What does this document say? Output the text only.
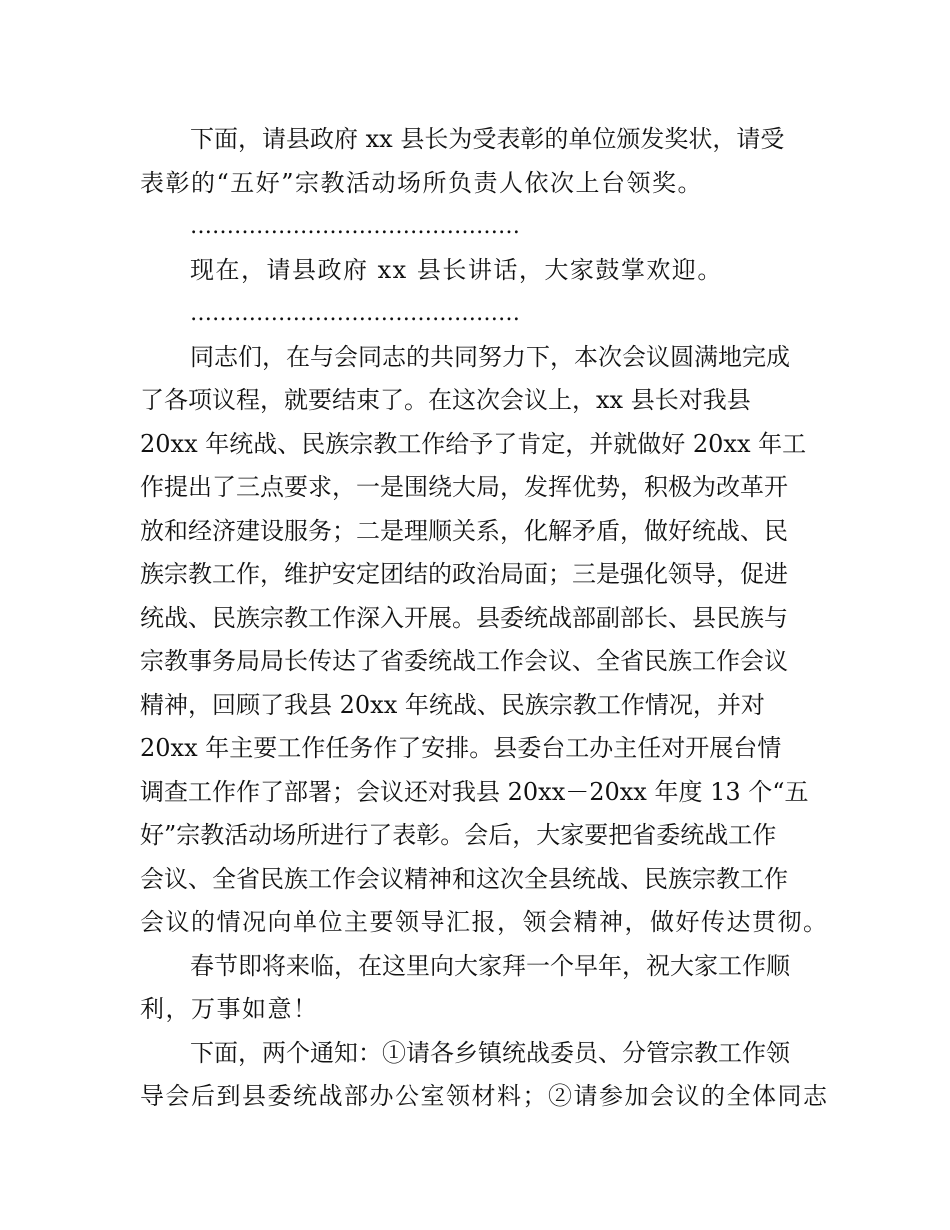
下面，请县政府 xx 县长为受表彰的单位颁发奖状，请受
表彰的“五好”宗教活动场所负责人依次上台领奖。
………………………………………
现在，请县政府 xx 县长讲话，大家鼓掌欢迎。
………………………………………
同志们，在与会同志的共同努力下，本次会议圆满地完成
了各项议程，就要结束了。在这次会议上，xx 县长对我县
20xx 年统战、民族宗教工作给予了肯定，并就做好 20xx 年工
作提出了三点要求，一是围绕大局，发挥优势，积极为改革开
放和经济建设服务；二是理顺关系，化解矛盾，做好统战、民
族宗教工作，维护安定团结的政治局面；三是强化领导，促进
统战、民族宗教工作深入开展。县委统战部副部长、县民族与
宗教事务局局长传达了省委统战工作会议、全省民族工作会议
精神，回顾了我县 20xx 年统战、民族宗教工作情况，并对
20xx 年主要工作任务作了安排。县委台工办主任对开展台情
调查工作作了部署；会议还对我县 20xx－20xx 年度 13 个“五
好”宗教活动场所进行了表彰。会后，大家要把省委统战工作
会议、全省民族工作会议精神和这次全县统战、民族宗教工作
会议的情况向单位主要领导汇报，领会精神，做好传达贯彻。
春节即将来临，在这里向大家拜一个早年，祝大家工作顺
利，万事如意！
下面，两个通知：①请各乡镇统战委员、分管宗教工作领
导会后到县委统战部办公室领材料；②请参加会议的全体同志
